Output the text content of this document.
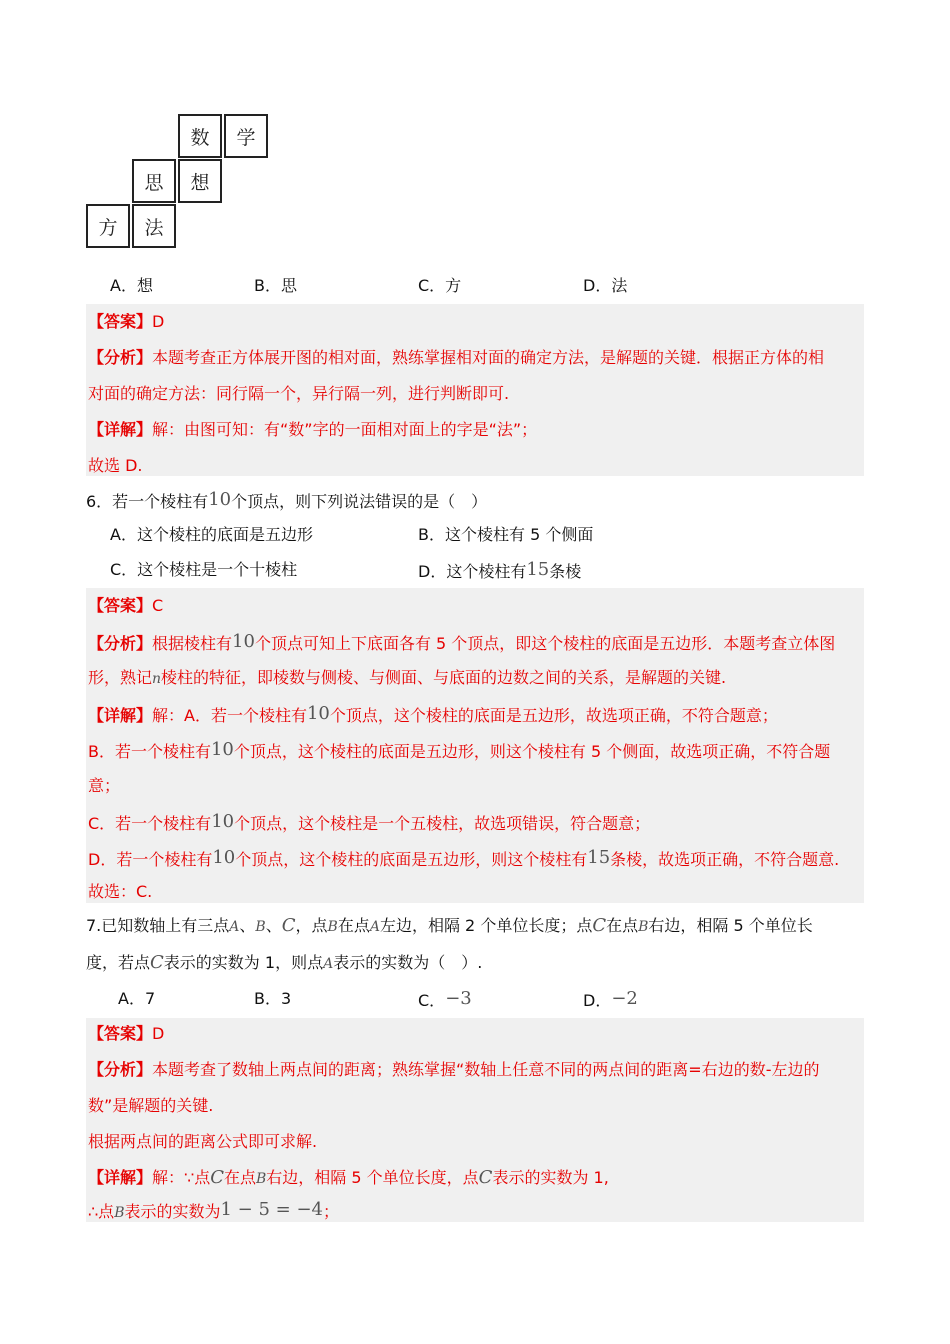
数	学
思	想
方	法
A．想	B．思	C．方	D．法
【答案】D
【分析】本题考查正方体展开图的相对面，熟练掌握相对面的确定方法，是解题的关键．根据正方体的相
对面的确定方法：同行隔一个，异行隔一列，进行判断即可.
【详解】解：由图可知：有“数”字的一面相对面上的字是“法”；
故选 D.
6．若一个棱柱有10个顶点，则下列说法错误的是（　）
A．这个棱柱的底面是五边形	B．这个棱柱有 5 个侧面
C．这个棱柱是一个十棱柱	D．这个棱柱有15条棱
【答案】C
【分析】根据棱柱有10个顶点可知上下底面各有 5 个顶点，即这个棱柱的底面是五边形．本题考查立体图
形，熟记n棱柱的特征，即棱数与侧棱、与侧面、与底面的边数之间的关系，是解题的关键.
【详解】解：A．若一个棱柱有10个顶点，这个棱柱的底面是五边形，故选项正确，不符合题意；
B．若一个棱柱有10个顶点，这个棱柱的底面是五边形，则这个棱柱有 5 个侧面，故选项正确，不符合题
意；
C．若一个棱柱有10个顶点，这个棱柱是一个五棱柱，故选项错误，符合题意；
D．若一个棱柱有10个顶点，这个棱柱的底面是五边形，则这个棱柱有15条棱，故选项正确，不符合题意.
故选：C.
7.已知数轴上有三点A、B、C，点B在点A左边，相隔 2 个单位长度；点C在点B右边，相隔 5 个单位长
度，若点C表示的实数为 1，则点A表示的实数为（　）.
A．7	B．3	C．−3	D．−2
【答案】D
【分析】本题考查了数轴上两点间的距离；熟练掌握“数轴上任意不同的两点间的距离=右边的数-左边的
数”是解题的关键.
根据两点间的距离公式即可求解.
【详解】解：∵点C在点B右边，相隔 5 个单位长度，点C表示的实数为 1,
∴点B表示的实数为1 − 5 = −4；
